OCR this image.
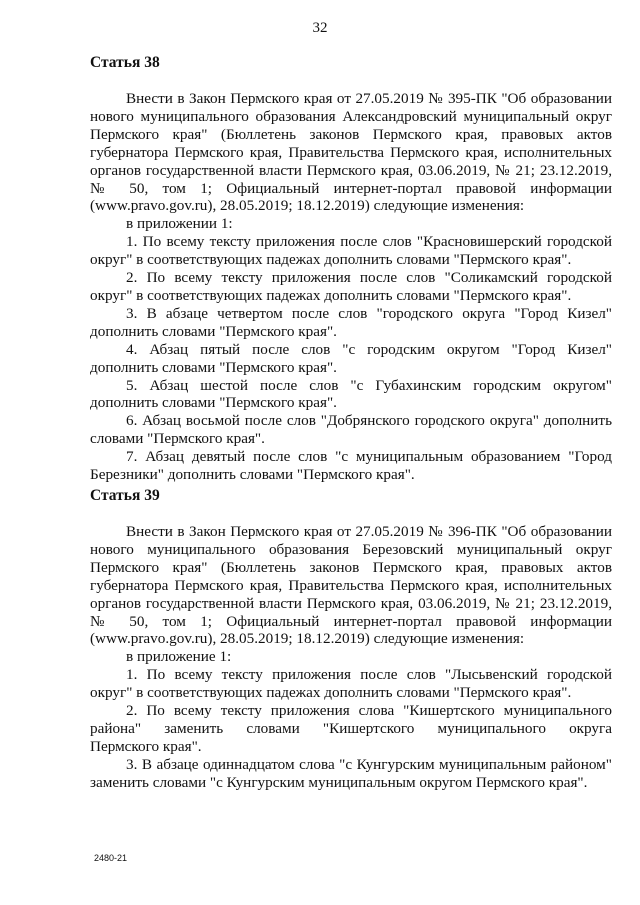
32
Статья 38
Внести в Закон Пермского края от 27.05.2019 № 395-ПК "Об образовании
нового муниципального образования Александровский муниципальный округ
Пермского края" (Бюллетень законов Пермского края, правовых актов
губернатора Пермского края, Правительства Пермского края, исполнительных
органов государственной власти Пермского края, 03.06.2019, № 21; 23.12.2019,
№ 50, том 1; Официальный интернет-портал правовой информации
(www.pravo.gov.ru), 28.05.2019; 18.12.2019) следующие изменения:
в приложении 1:
1. По всему тексту приложения после слов "Красновишерский городской
округ" в соответствующих падежах дополнить словами "Пермского края".
2. По всему тексту приложения после слов "Соликамский городской
округ" в соответствующих падежах дополнить словами "Пермского края".
3. В абзаце четвертом после слов "городского округа "Город Кизел"
дополнить словами "Пермского края".
4. Абзац пятый после слов "с городским округом "Город Кизел"
дополнить словами "Пермского края".
5. Абзац шестой после слов "с Губахинским городским округом"
дополнить словами "Пермского края".
6. Абзац восьмой после слов "Добрянского городского округа" дополнить
словами "Пермского края".
7. Абзац девятый после слов "с муниципальным образованием "Город
Березники" дополнить словами "Пермского края".
Статья 39
Внести в Закон Пермского края от 27.05.2019 № 396-ПК "Об образовании
нового муниципального образования Березовский муниципальный округ
Пермского края" (Бюллетень законов Пермского края, правовых актов
губернатора Пермского края, Правительства Пермского края, исполнительных
органов государственной власти Пермского края, 03.06.2019, № 21; 23.12.2019,
№ 50, том 1; Официальный интернет-портал правовой информации
(www.pravo.gov.ru), 28.05.2019; 18.12.2019) следующие изменения:
в приложение 1:
1. По всему тексту приложения после слов "Лысьвенский городской
округ" в соответствующих падежах дополнить словами "Пермского края".
2. По всему тексту приложения слова "Кишертского муниципального
района" заменить словами "Кишертского муниципального округа
Пермского края".
3. В абзаце одиннадцатом слова "с Кунгурским муниципальным районом"
заменить словами "с Кунгурским муниципальным округом Пермского края".
2480-21
